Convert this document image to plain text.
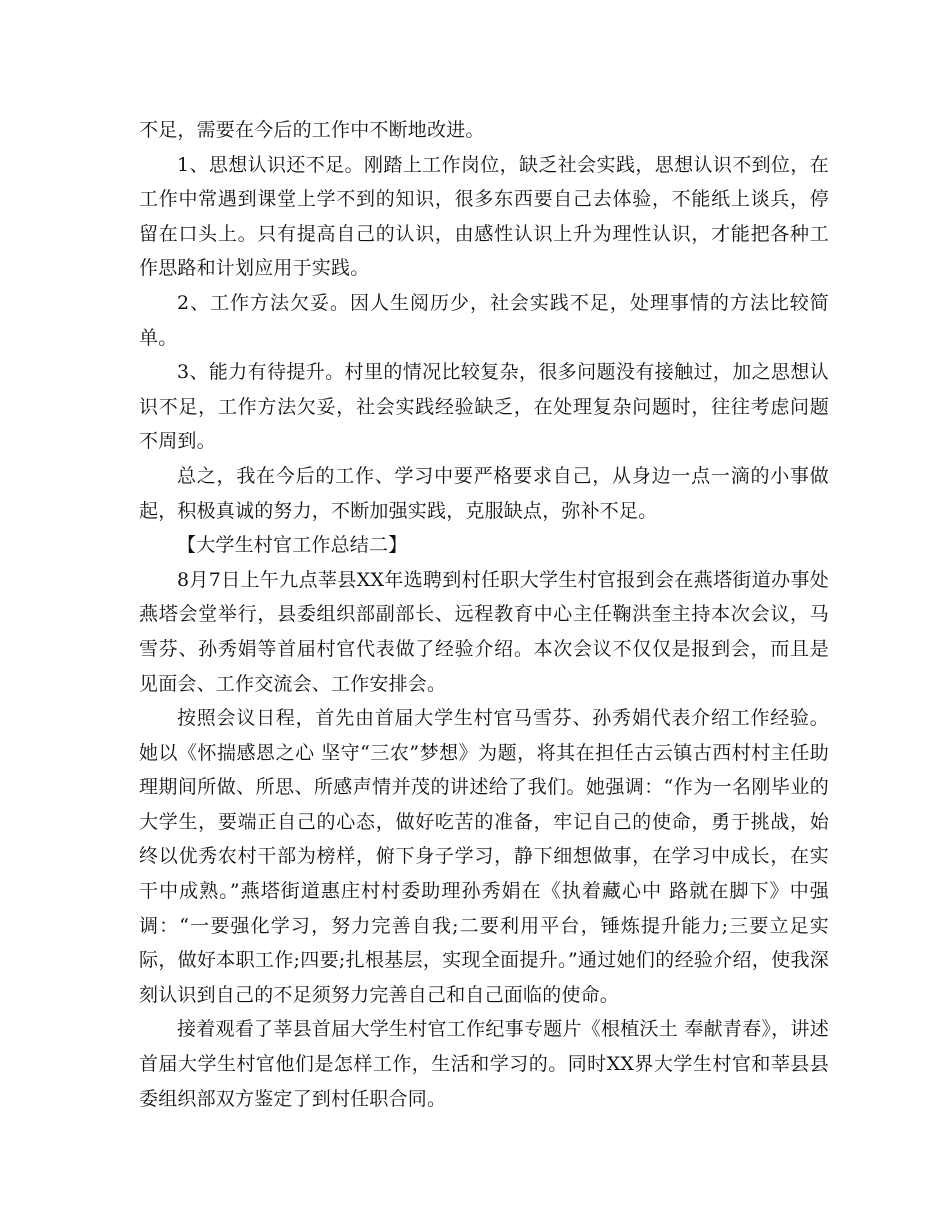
不足，需要在今后的工作中不断地改进。

1、思想认识还不足。刚踏上工作岗位，缺乏社会实践，思想认识不到位，在工作中常遇到课堂上学不到的知识，很多东西要自己去体验，不能纸上谈兵，停留在口头上。只有提高自己的认识，由感性认识上升为理性认识，才能把各种工作思路和计划应用于实践。

2、工作方法欠妥。因人生阅历少，社会实践不足，处理事情的方法比较简单。

3、能力有待提升。村里的情况比较复杂，很多问题没有接触过，加之思想认识不足，工作方法欠妥，社会实践经验缺乏，在处理复杂问题时，往往考虑问题不周到。

总之，我在今后的工作、学习中要严格要求自己，从身边一点一滴的小事做起，积极真诚的努力，不断加强实践，克服缺点，弥补不足。

【大学生村官工作总结二】

8月7日上午九点莘县XX年选聘到村任职大学生村官报到会在燕塔街道办事处燕塔会堂举行，县委组织部副部长、远程教育中心主任鞠洪奎主持本次会议，马雪芬、孙秀娟等首届村官代表做了经验介绍。本次会议不仅仅是报到会，而且是见面会、工作交流会、工作安排会。

按照会议日程，首先由首届大学生村官马雪芬、孙秀娟代表介绍工作经验。她以《怀揣感恩之心 坚守“三农”梦想》为题，将其在担任古云镇古西村村主任助理期间所做、所思、所感声情并茂的讲述给了我们。她强调：“作为一名刚毕业的大学生，要端正自己的心态，做好吃苦的准备，牢记自己的使命，勇于挑战，始终以优秀农村干部为榜样，俯下身子学习，静下细想做事，在学习中成长，在实干中成熟。”燕塔街道惠庄村村委助理孙秀娟在《执着藏心中 路就在脚下》中强调：“一要强化学习，努力完善自我;二要利用平台，锤炼提升能力;三要立足实际，做好本职工作;四要;扎根基层，实现全面提升。”通过她们的经验介绍，使我深刻认识到自己的不足须努力完善自己和自己面临的使命。

接着观看了莘县首届大学生村官工作纪事专题片《根植沃土 奉献青春》，讲述首届大学生村官他们是怎样工作，生活和学习的。同时XX界大学生村官和莘县县委组织部双方鉴定了到村任职合同。
